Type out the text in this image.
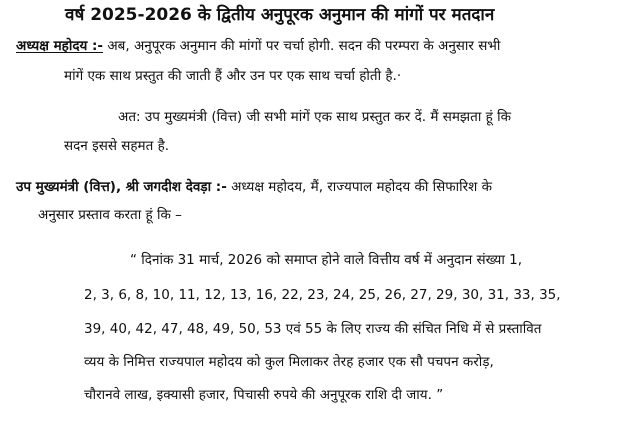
वर्ष 2025-2026 के द्वितीय अनुपूरक अनुमान की मांगों पर मतदान
अध्यक्ष महोदय :- अब, अनुपूरक अनुमान की मांगों पर चर्चा होगी. सदन की परम्परा के अनुसार सभी
मांगें एक साथ प्रस्तुत की जाती हैं और उन पर एक साथ चर्चा होती है.·
अत: उप मुख्यमंत्री (वित्त) जी सभी मांगें एक साथ प्रस्तुत कर दें. मैं समझता हूं कि
सदन इससे सहमत है.
उप मुख्यमंत्री (वित्त), श्री जगदीश देवड़ा :- अध्यक्ष महोदय, मैं, राज्यपाल महोदय की सिफारिश के
अनुसार प्रस्ताव करता हूं कि –
“ दिनांक 31 मार्च, 2026 को समाप्त होने वाले वित्तीय वर्ष में अनुदान संख्या 1,
2, 3, 6, 8, 10, 11, 12, 13, 16, 22, 23, 24, 25, 26, 27, 29, 30, 31, 33, 35,
39, 40, 42, 47, 48, 49, 50, 53 एवं 55 के लिए राज्य की संचित निधि में से प्रस्तावित
व्यय के निमित्त राज्यपाल महोदय को कुल मिलाकर तेरह हजार एक सौ पचपन करोड़,
चौरानवे लाख, इक्यासी हजार, पिचासी रुपये की अनुपूरक राशि दी जाय. ”
